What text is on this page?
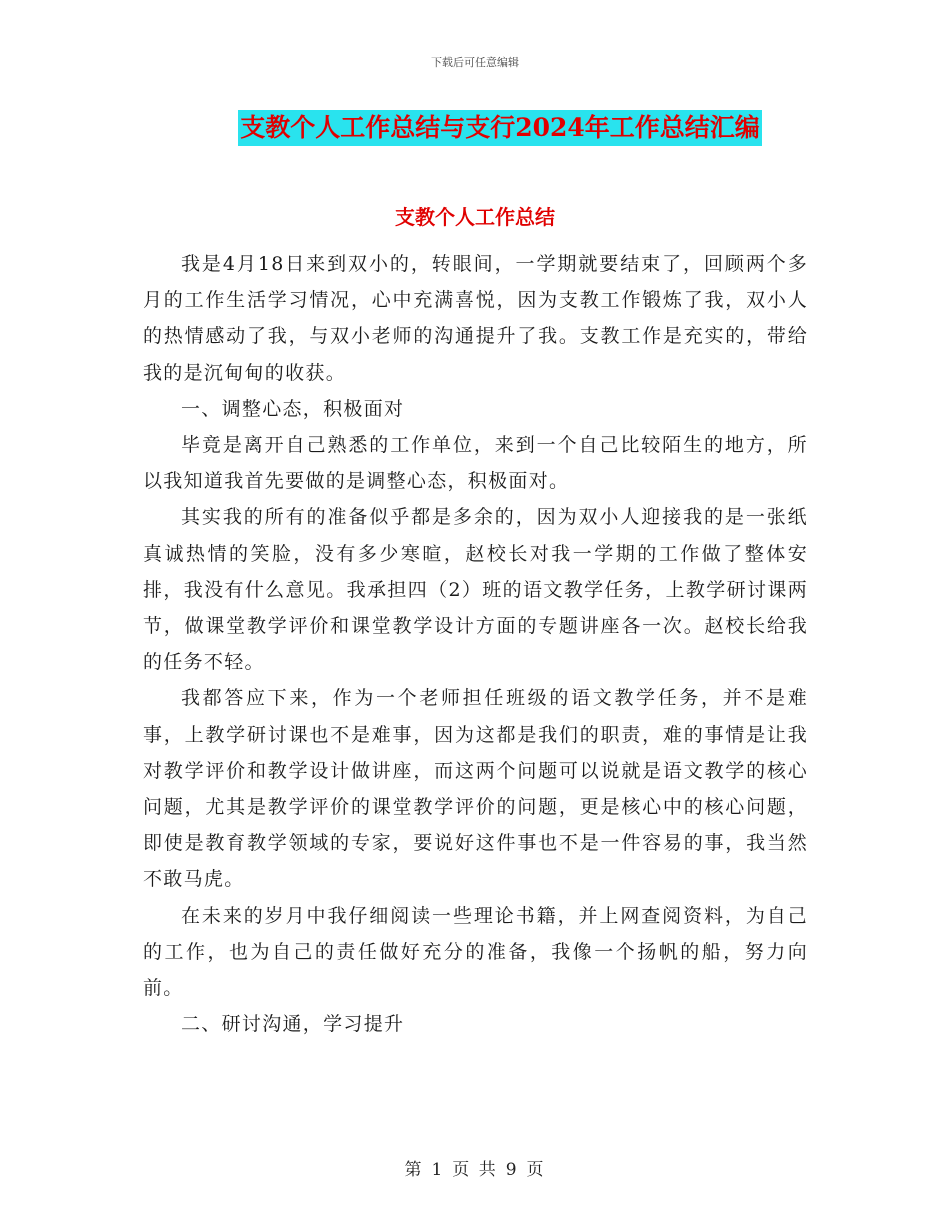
下载后可任意编辑
支教个人工作总结与支行2024年工作总结汇编
支教个人工作总结

我是4月18日来到双小的，转眼间，一学期就要结束了，回顾两个多月的工作生活学习情况，心中充满喜悦，因为支教工作锻炼了我，双小人的热情感动了我，与双小老师的沟通提升了我。支教工作是充实的，带给我的是沉甸甸的收获。

一、调整心态，积极面对

毕竟是离开自己熟悉的工作单位，来到一个自己比较陌生的地方，所以我知道我首先要做的是调整心态，积极面对。

其实我的所有的准备似乎都是多余的，因为双小人迎接我的是一张纸真诚热情的笑脸，没有多少寒暄，赵校长对我一学期的工作做了整体安排，我没有什么意见。我承担四（2）班的语文教学任务，上教学研讨课两节，做课堂教学评价和课堂教学设计方面的专题讲座各一次。赵校长给我的任务不轻。

我都答应下来，作为一个老师担任班级的语文教学任务，并不是难事，上教学研讨课也不是难事，因为这都是我们的职责，难的事情是让我对教学评价和教学设计做讲座，而这两个问题可以说就是语文教学的核心问题，尤其是教学评价的课堂教学评价的问题，更是核心中的核心问题，即使是教育教学领域的专家，要说好这件事也不是一件容易的事，我当然不敢马虎。

在未来的岁月中我仔细阅读一些理论书籍，并上网查阅资料，为自己的工作，也为自己的责任做好充分的准备，我像一个扬帆的船，努力向前。

二、研讨沟通，学习提升

第 1 页 共 9 页
